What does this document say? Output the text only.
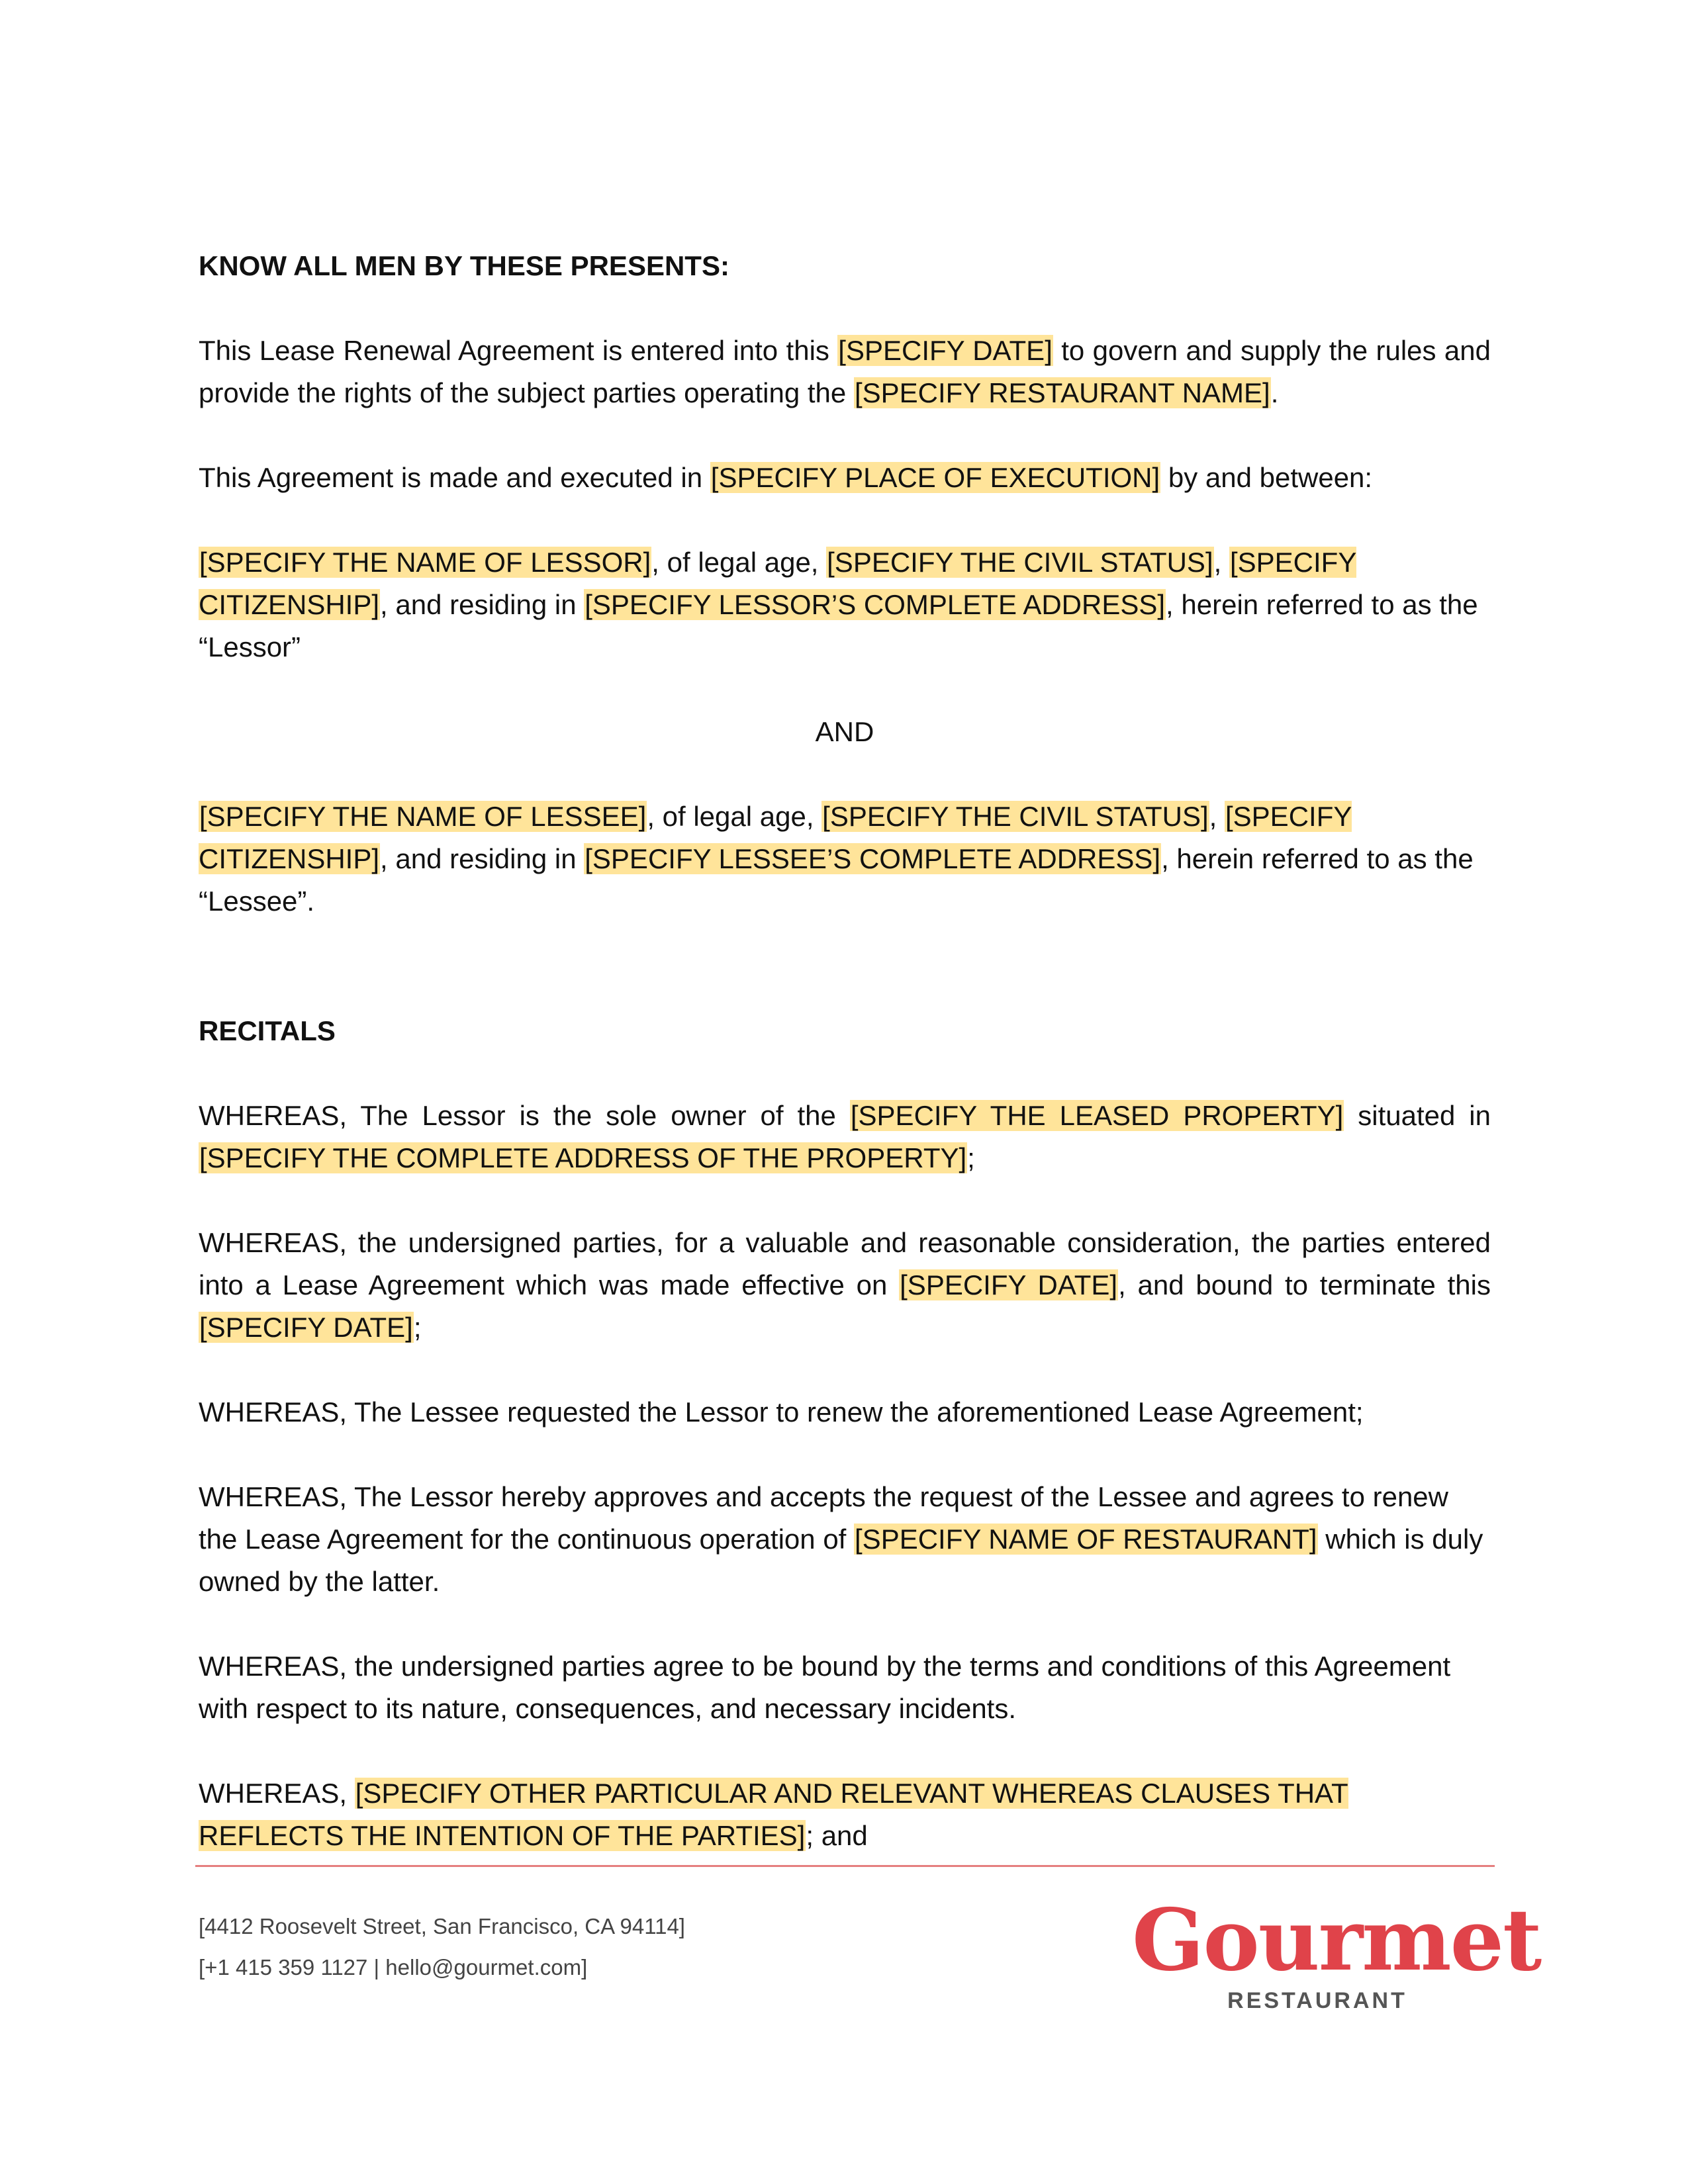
KNOW ALL MEN BY THESE PRESENTS:

This Lease Renewal Agreement is entered into this [SPECIFY DATE] to govern and supply the rules and provide the rights of the subject parties operating the [SPECIFY RESTAURANT NAME].

This Agreement is made and executed in [SPECIFY PLACE OF EXECUTION] by and between:

[SPECIFY THE NAME OF LESSOR], of legal age, [SPECIFY THE CIVIL STATUS], [SPECIFY CITIZENSHIP], and residing in [SPECIFY LESSOR’S COMPLETE ADDRESS], herein referred to as the “Lessor”

AND

[SPECIFY THE NAME OF LESSEE], of legal age, [SPECIFY THE CIVIL STATUS], [SPECIFY CITIZENSHIP], and residing in [SPECIFY LESSEE’S COMPLETE ADDRESS], herein referred to as the “Lessee”.

RECITALS

WHEREAS, The Lessor is the sole owner of the [SPECIFY THE LEASED PROPERTY] situated in [SPECIFY THE COMPLETE ADDRESS OF THE PROPERTY];

WHEREAS, the undersigned parties, for a valuable and reasonable consideration, the parties entered into a Lease Agreement which was made effective on [SPECIFY DATE], and bound to terminate this [SPECIFY DATE];

WHEREAS, The Lessee requested the Lessor to renew the aforementioned Lease Agreement;

WHEREAS, The Lessor hereby approves and accepts the request of the Lessee and agrees to renew the Lease Agreement for the continuous operation of [SPECIFY NAME OF RESTAURANT] which is duly owned by the latter.

WHEREAS, the undersigned parties agree to be bound by the terms and conditions of this Agreement with respect to its nature, consequences, and necessary incidents.

WHEREAS, [SPECIFY OTHER PARTICULAR AND RELEVANT WHEREAS CLAUSES THAT REFLECTS THE INTENTION OF THE PARTIES]; and

[4412 Roosevelt Street, San Francisco, CA 94114]
[+1 415 359 1127 | hello@gourmet.com]	Gourmet
RESTAURANT
